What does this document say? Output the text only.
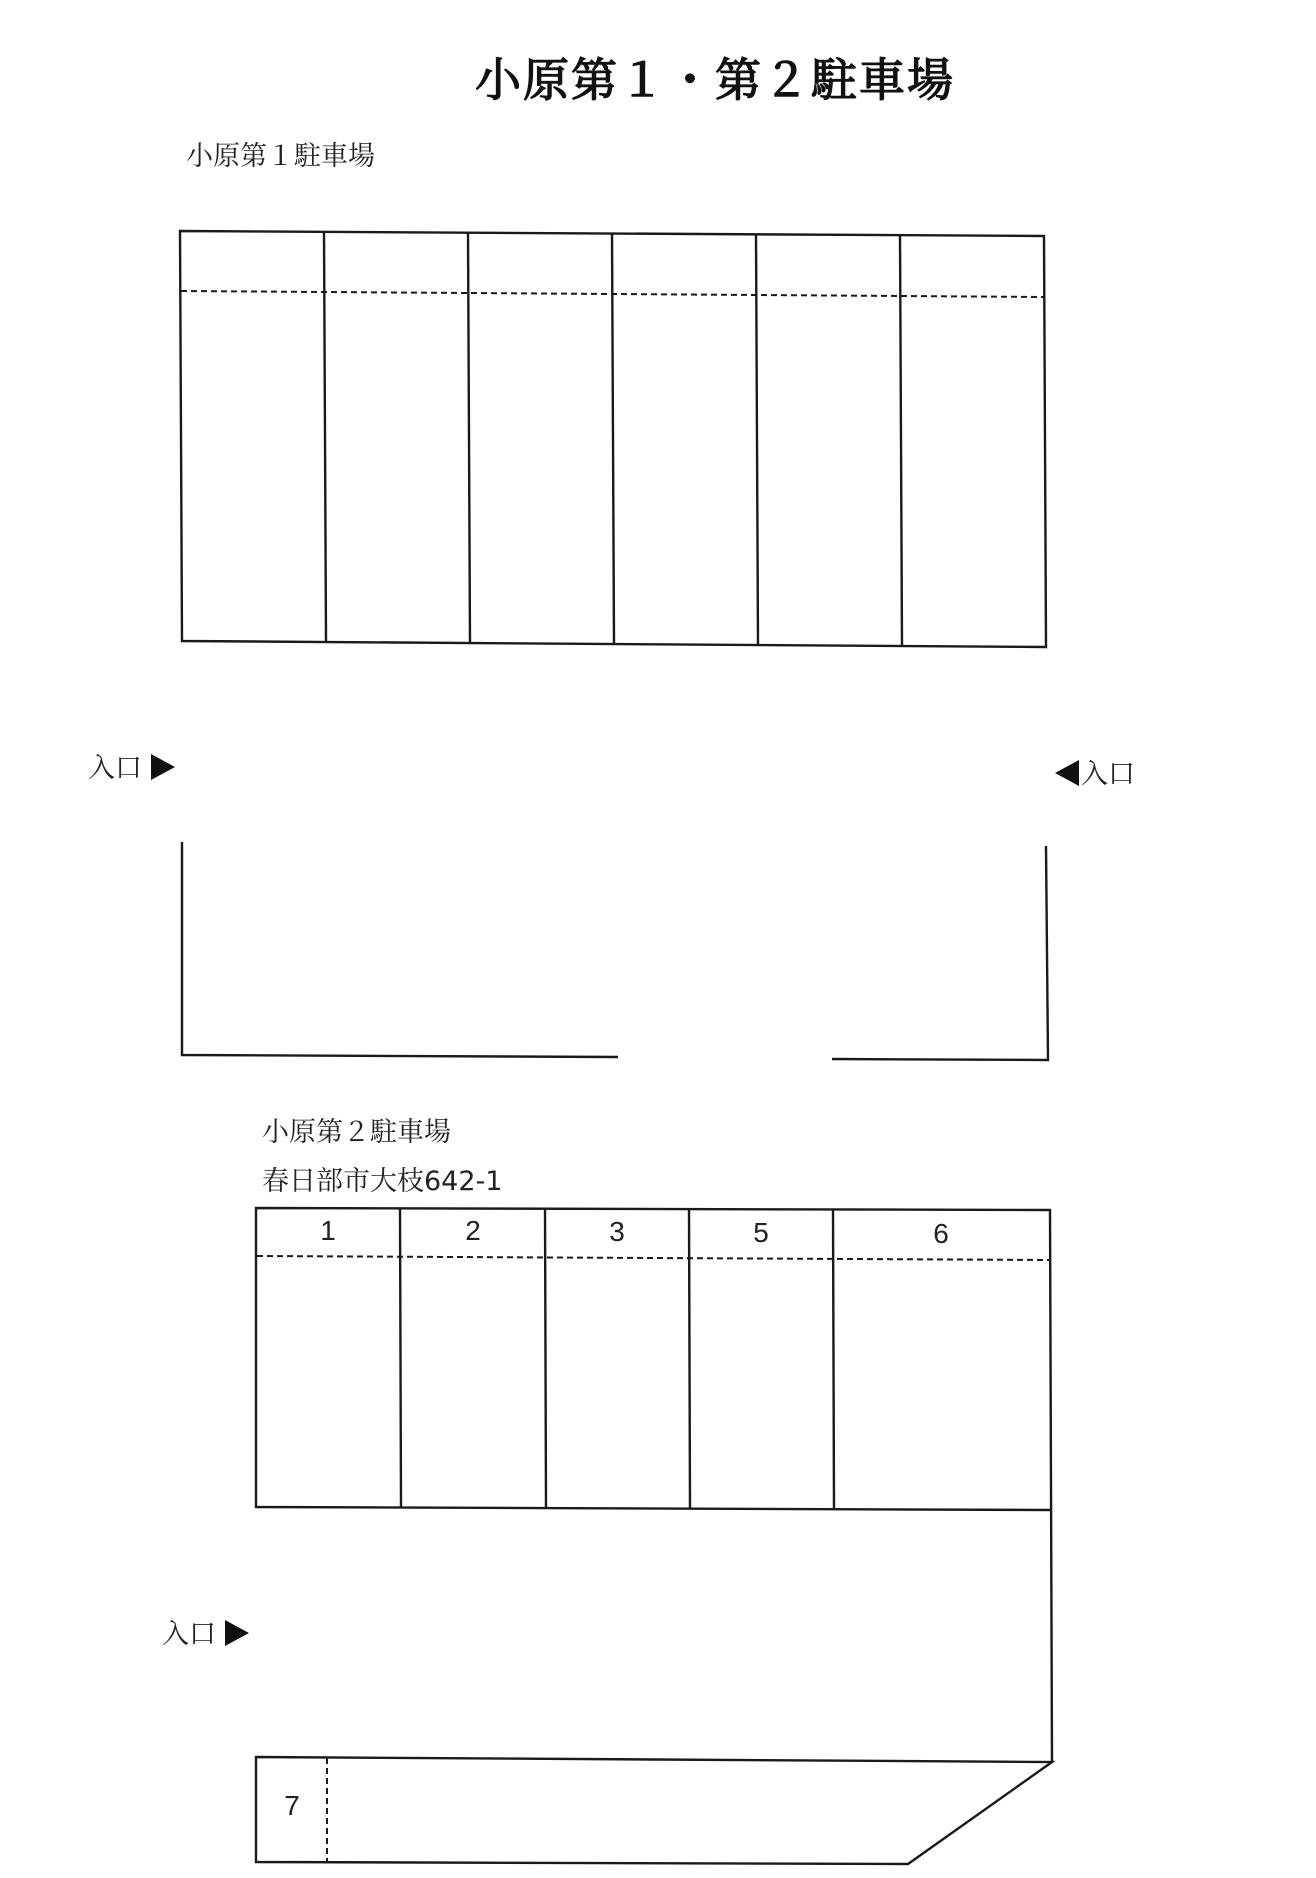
小原第１・第２駐車場
小原第１駐車場
入口	入口
小原第２駐車場
春日部市大枝642-1
1	2	3	5	6
入口
7
